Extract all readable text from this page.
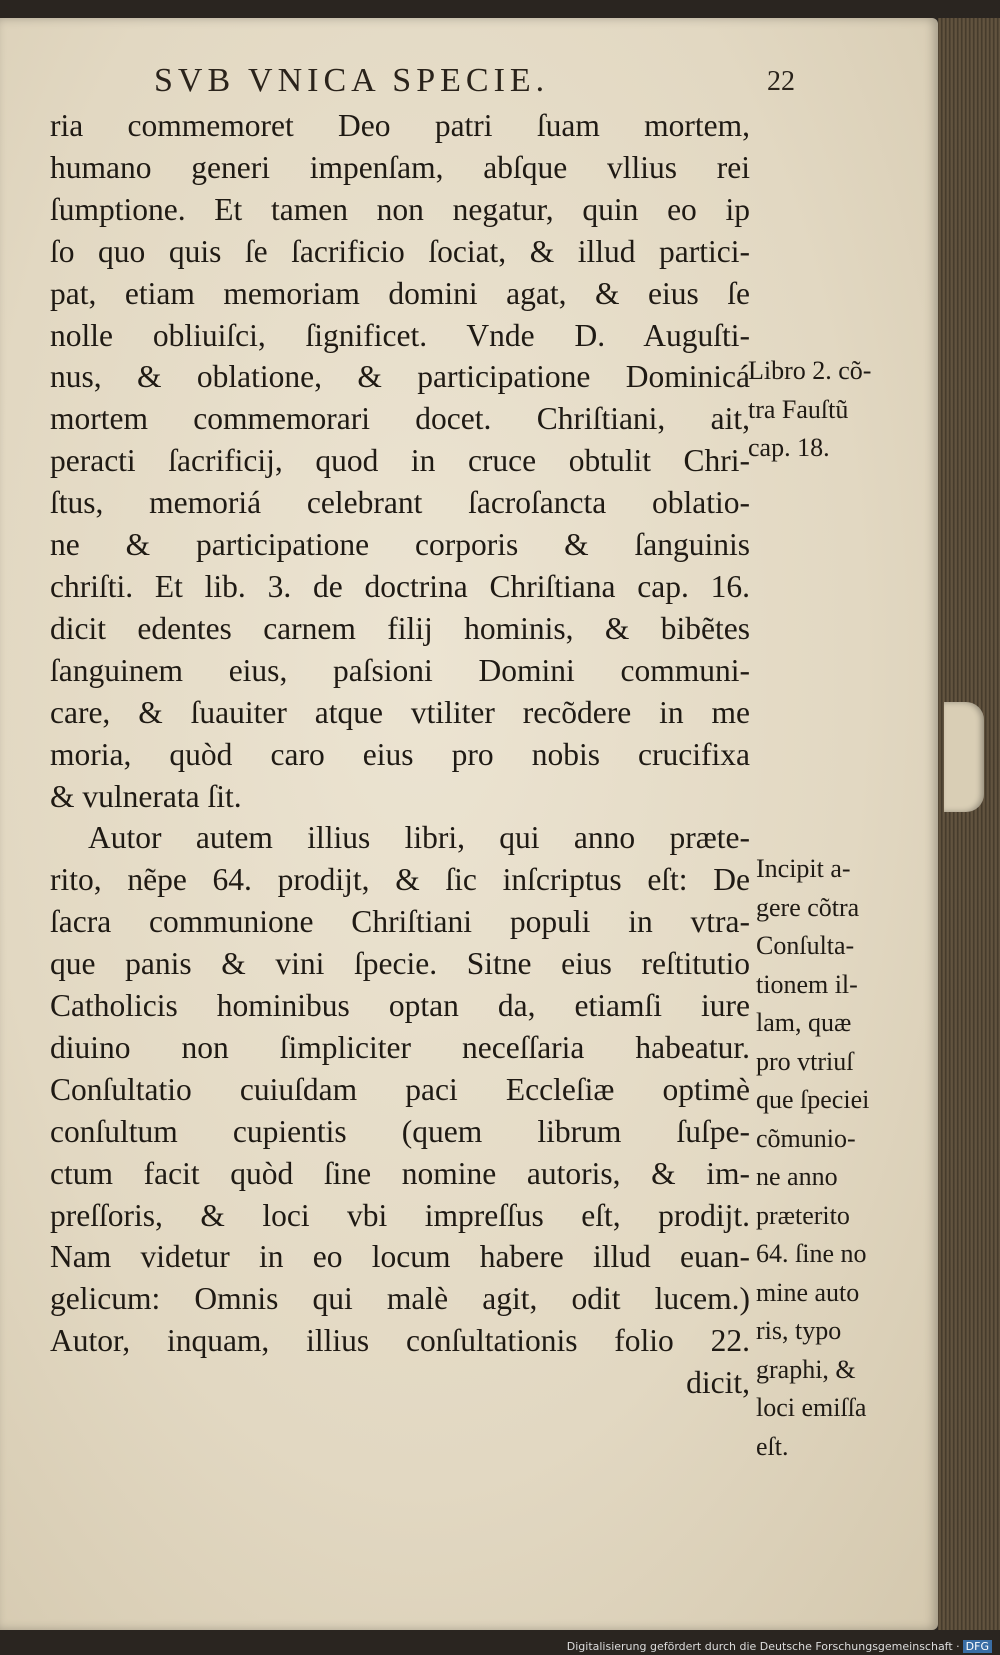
SVB VNICA SPECIE.	22
ria commemoret Deo patri ſuam mortem,
humano generi impenſam, abſque vllius rei
ſumptione. Et tamen non negatur, quin eo ip
ſo quo quis ſe ſacrificio ſociat, & illud partici-
pat, etiam memoriam domini agat, & eius ſe
nolle obliuiſci, ſignificet. Vnde D. Auguſti-
nus, & oblatione, & participatione Dominicá
mortem commemorari docet. Chriſtiani, ait,
peracti ſacrificij, quod in cruce obtulit Chri-
ſtus, memoriá celebrant ſacroſancta oblatio-
ne & participatione corporis & ſanguinis
chriſti. Et lib. 3. de doctrina Chriſtiana cap. 16.
dicit edentes carnem filij hominis, & bibẽtes
ſanguinem eius, paſsioni Domini communi-
care, & ſuauiter atque vtiliter recõdere in me
moria, quòd caro eius pro nobis crucifixa
& vulnerata ſit.
Autor autem illius libri, qui anno præte-
rito, nẽpe 64. prodijt, & ſic inſcriptus eſt: De
ſacra communione Chriſtiani populi in vtra-
que panis & vini ſpecie. Sitne eius reſtitutio
Catholicis hominibus optan da, etiamſi iure
diuino non ſimpliciter neceſſaria habeatur.
Conſultatio cuiuſdam paci Eccleſiæ optimè
conſultum cupientis (quem librum ſuſpe-
ctum facit quòd ſine nomine autoris, & im-
preſſoris, & loci vbi impreſſus eſt, prodijt.
Nam videtur in eo locum habere illud euan-
gelicum: Omnis qui malè agit, odit lucem.)
Autor, inquam, illius conſultationis folio 22.
dicit,
Libro 2. cõ-
tra Fauſtũ
cap. 18.
Incipit a-
gere cõtra
Conſulta-
tionem il-
lam, quæ
pro vtriuſ
que ſpeciei
cõmunio-
ne anno
præterito
64. ſine no
mine auto
ris, typo
graphi, &
loci emiſſa
eſt.
Digitalisierung gefördert durch die Deutsche Forschungsgemeinschaft · DFG
